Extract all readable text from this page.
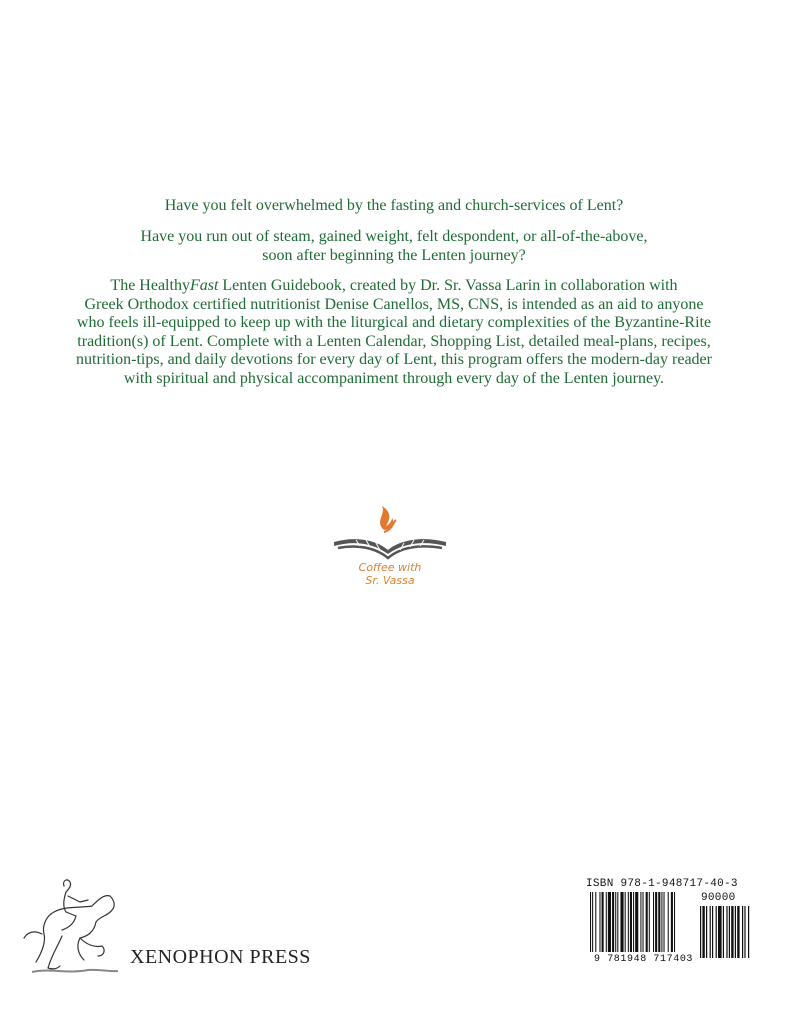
Have you felt overwhelmed by the fasting and church-services of Lent?
Have you run out of steam, gained weight, felt despondent, or all-of-the-above,
soon after beginning the Lenten journey?
The HealthyFast Lenten Guidebook, created by Dr. Sr. Vassa Larin in collaboration with
Greek Orthodox certified nutritionist Denise Canellos, MS, CNS, is intended as an aid to anyone
who feels ill-equipped to keep up with the liturgical and dietary complexities of the Byzantine-Rite
tradition(s) of Lent. Complete with a Lenten Calendar, Shopping List, detailed meal-plans, recipes,
nutrition-tips, and daily devotions for every day of Lent, this program offers the modern-day reader
with spiritual and physical accompaniment through every day of the Lenten journey.
Coffee with
Sr. Vassa
XENOPHON PRESS
ISBN 978-1-948717-40-3
90000
9 781948 717403
